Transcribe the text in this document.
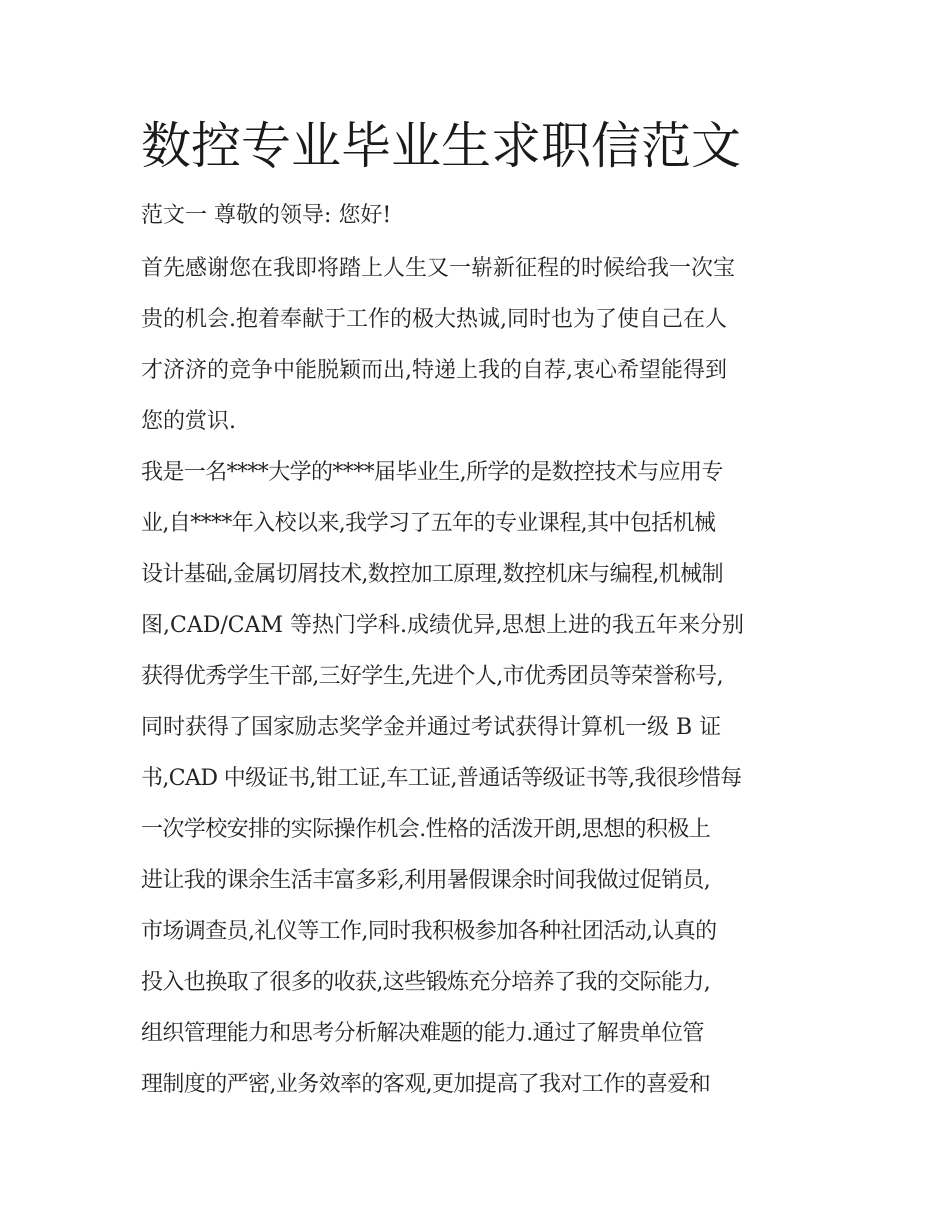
数控专业毕业生求职信范文

范文一 尊敬的领导: 您好!

首先感谢您在我即将踏上人生又一崭新征程的时候给我一次宝

贵的机会.抱着奉献于工作的极大热诚,同时也为了使自己在人

才济济的竞争中能脱颖而出,特递上我的自荐,衷心希望能得到

您的赏识.

我是一名****大学的****届毕业生,所学的是数控技术与应用专

业,自****年入校以来,我学习了五年的专业课程,其中包括机械

设计基础,金属切屑技术,数控加工原理,数控机床与编程,机械制

图,CAD/CAM 等热门学科.成绩优异,思想上进的我五年来分别

获得优秀学生干部,三好学生,先进个人,市优秀团员等荣誉称号,

同时获得了国家励志奖学金并通过考试获得计算机一级 B 证

书,CAD 中级证书,钳工证,车工证,普通话等级证书等,我很珍惜每

一次学校安排的实际操作机会.性格的活泼开朗,思想的积极上

进让我的课余生活丰富多彩,利用暑假课余时间我做过促销员,

市场调查员,礼仪等工作,同时我积极参加各种社团活动,认真的

投入也换取了很多的收获,这些锻炼充分培养了我的交际能力,

组织管理能力和思考分析解决难题的能力.通过了解贵单位管

理制度的严密,业务效率的客观,更加提高了我对工作的喜爱和
